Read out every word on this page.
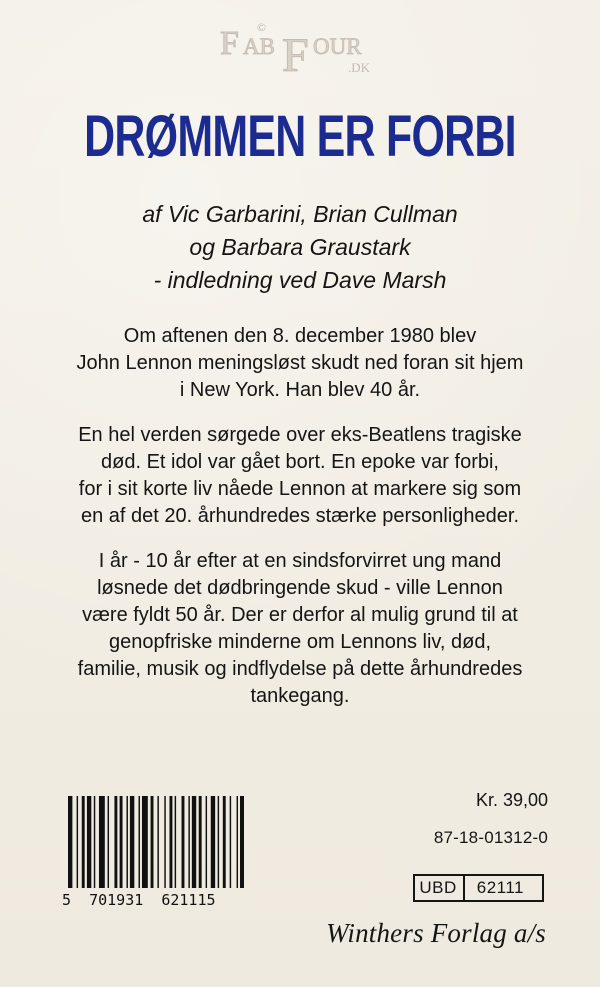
F AB F OUR
©
.DK
DRØMMEN ER FORBI
af Vic Garbarini, Brian Cullman
og Barbara Graustark
- indledning ved Dave Marsh

Om aftenen den 8. december 1980 blev
John Lennon meningsløst skudt ned foran sit hjem
i New York. Han blev 40 år.

En hel verden sørgede over eks-Beatlens tragiske
død. Et idol var gået bort. En epoke var forbi,
for i sit korte liv nåede Lennon at markere sig som
en af det 20. århundredes stærke personligheder.

I år - 10 år efter at en sindsforvirret ung mand
løsnede det dødbringende skud - ville Lennon
være fyldt 50 år. Der er derfor al mulig grund til at
genopfriske minderne om Lennons liv, død,
familie, musik og indflydelse på dette århundredes
tankegang.

5  701931  621115
Kr. 39,00
87-18-01312-0
UBD	62111
Winthers Forlag a/s
